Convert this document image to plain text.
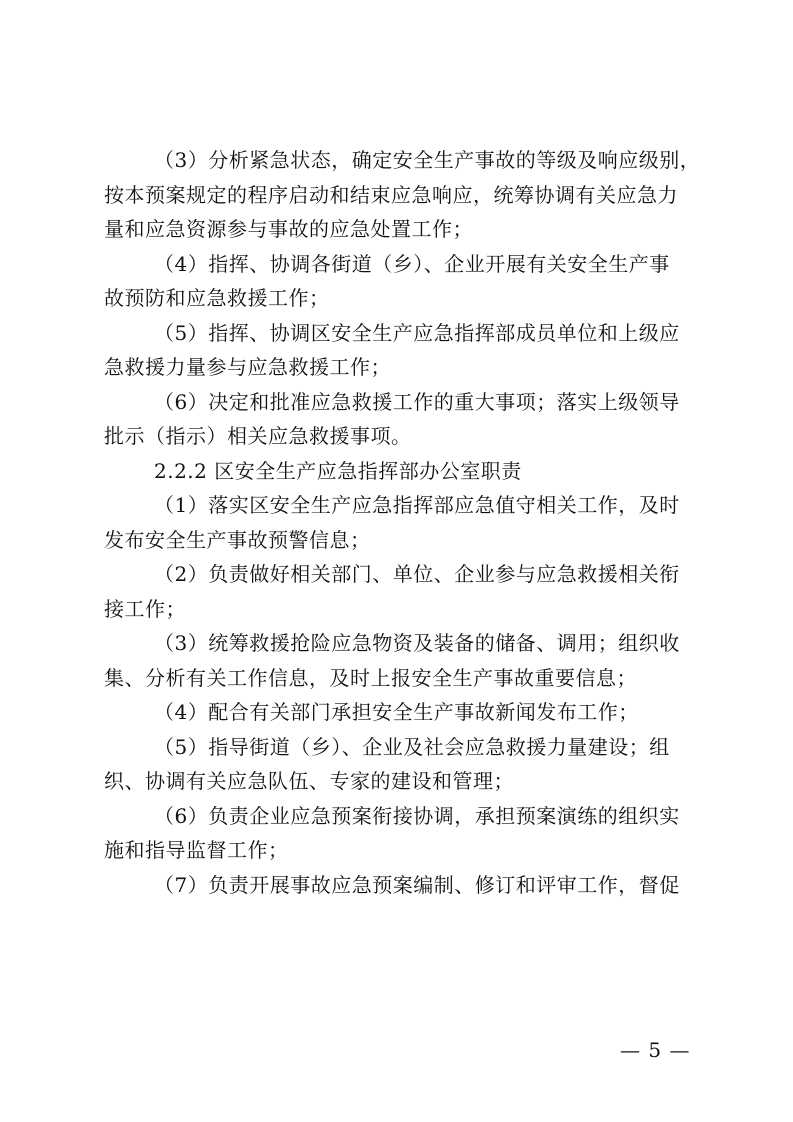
（3）分析紧急状态，确定安全生产事故的等级及响应级别，
按本预案规定的程序启动和结束应急响应，统筹协调有关应急力
量和应急资源参与事故的应急处置工作；
（4）指挥、协调各街道（乡）、企业开展有关安全生产事
故预防和应急救援工作；
（5）指挥、协调区安全生产应急指挥部成员单位和上级应
急救援力量参与应急救援工作；
（6）决定和批准应急救援工作的重大事项；落实上级领导
批示（指示）相关应急救援事项。
2.2.2 区安全生产应急指挥部办公室职责
（1）落实区安全生产应急指挥部应急值守相关工作，及时
发布安全生产事故预警信息；
（2）负责做好相关部门、单位、企业参与应急救援相关衔
接工作；
（3）统筹救援抢险应急物资及装备的储备、调用；组织收
集、分析有关工作信息，及时上报安全生产事故重要信息；
（4）配合有关部门承担安全生产事故新闻发布工作；
（5）指导街道（乡）、企业及社会应急救援力量建设；组
织、协调有关应急队伍、专家的建设和管理；
（6）负责企业应急预案衔接协调，承担预案演练的组织实
施和指导监督工作；
（7）负责开展事故应急预案编制、修订和评审工作，督促
— 5 —
